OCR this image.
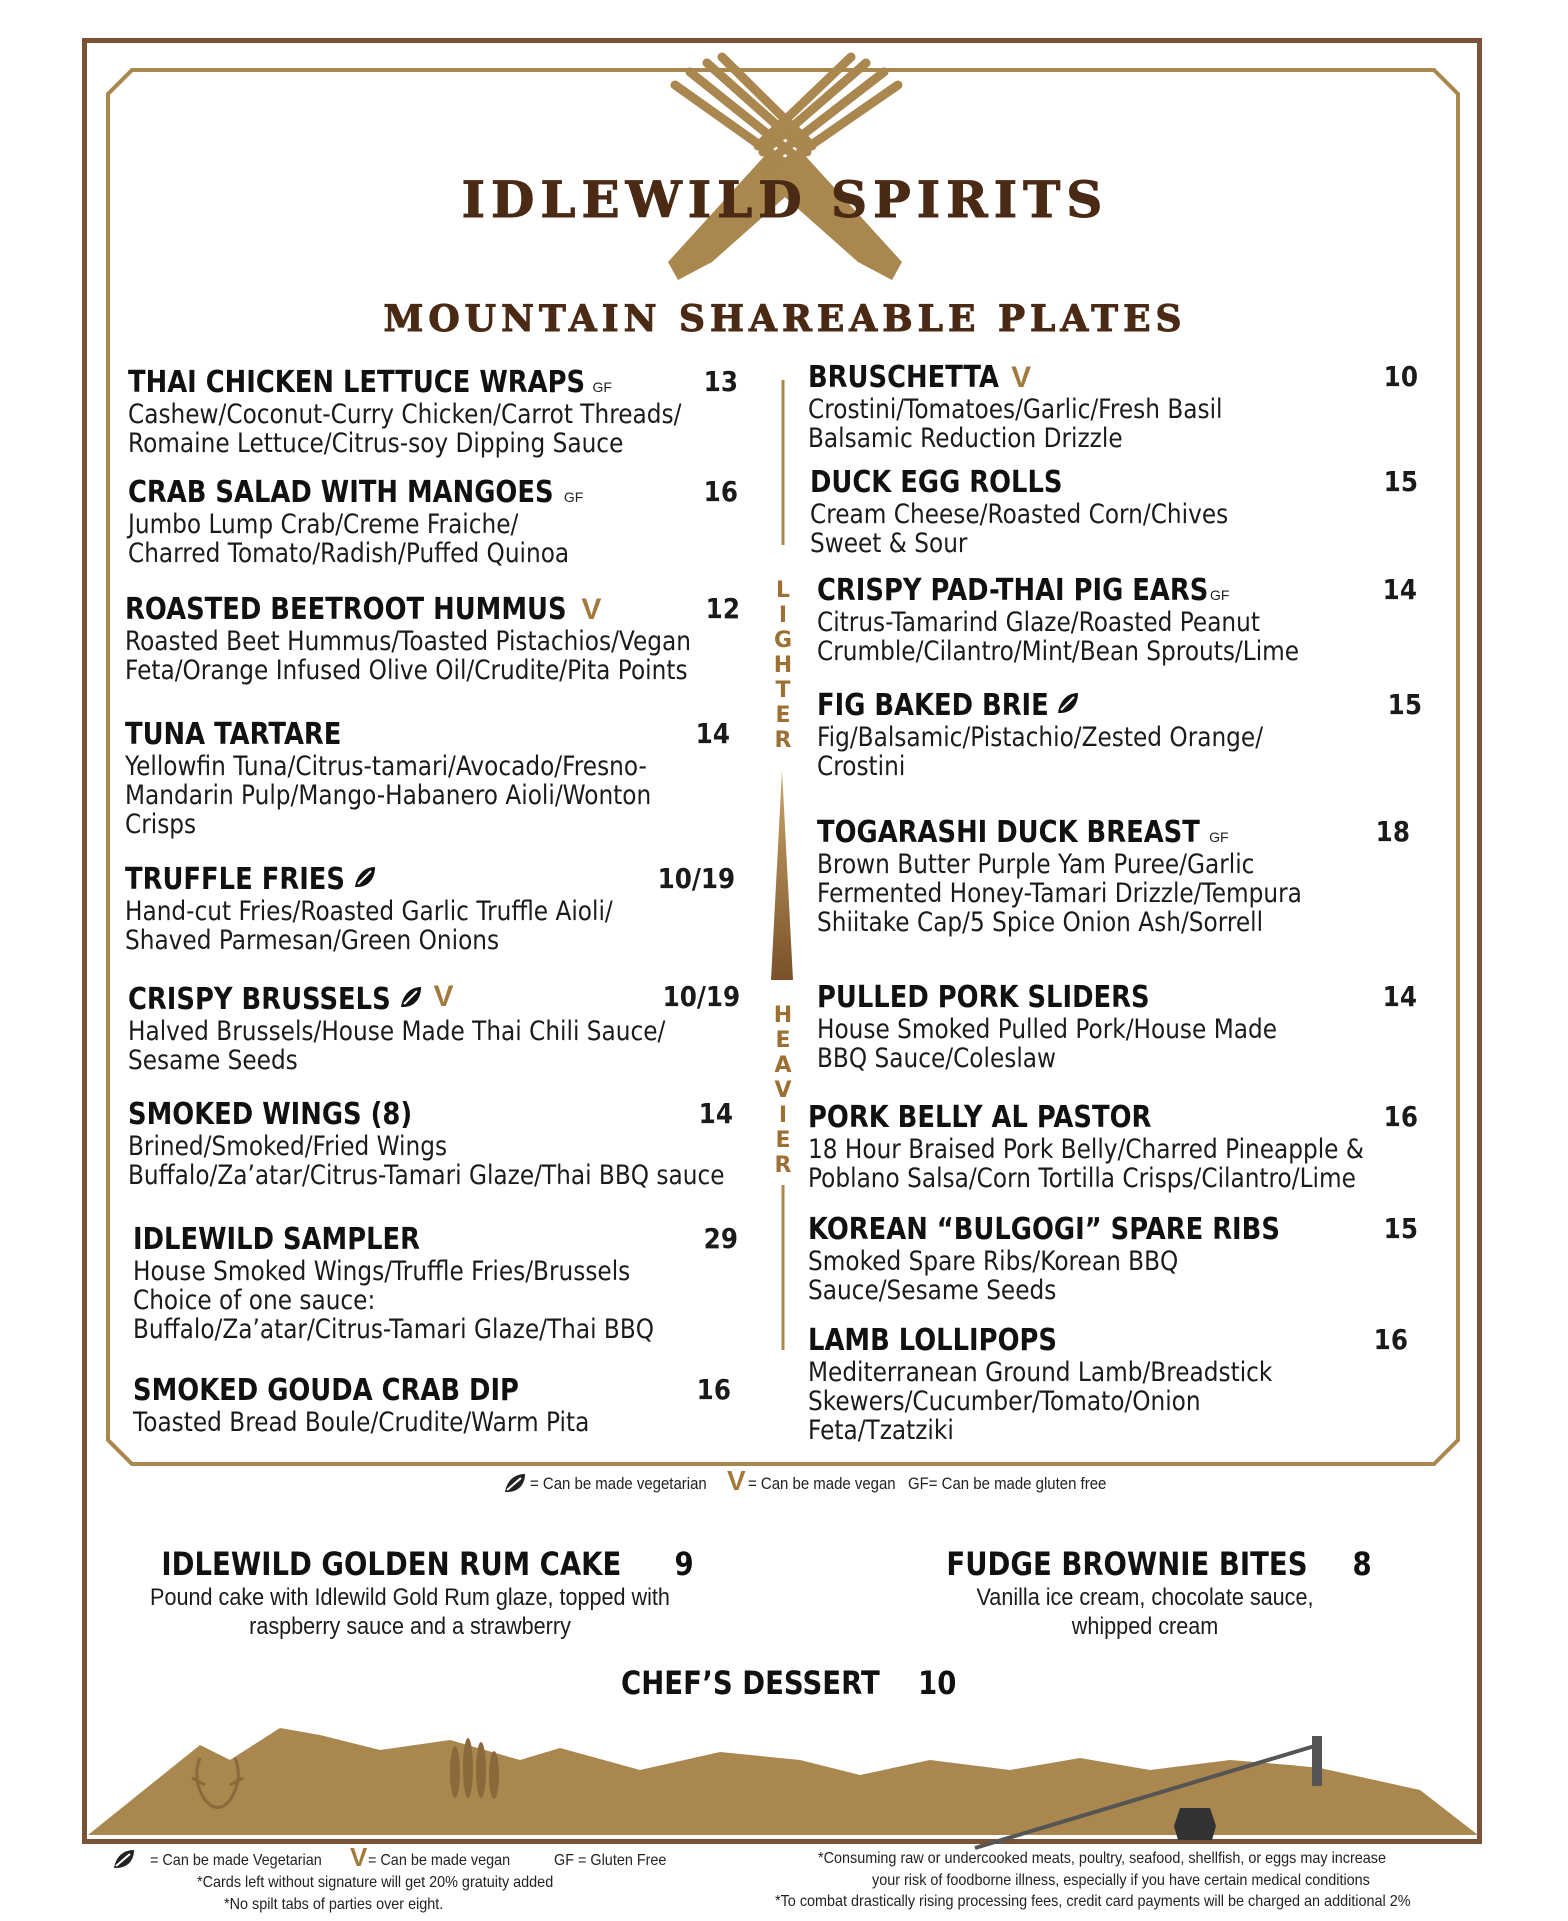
IDLEWILD SPIRITS
MOUNTAIN SHAREABLE PLATES
THAI CHICKEN LETTUCE WRAPS GF	13
Cashew/Coconut-Curry Chicken/Carrot Threads/
Romaine Lettuce/Citrus-soy Dipping Sauce
CRAB SALAD WITH MANGOES GF	16
Jumbo Lump Crab/Creme Fraiche/
Charred Tomato/Radish/Puffed Quinoa
ROASTED BEETROOT HUMMUS V	12
Roasted Beet Hummus/Toasted Pistachios/Vegan
Feta/Orange Infused Olive Oil/Crudite/Pita Points
TUNA TARTARE	14
Yellowfin Tuna/Citrus-tamari/Avocado/Fresno-
Mandarin Pulp/Mango-Habanero Aioli/Wonton
Crisps
TRUFFLE FRIES	10/19
Hand-cut Fries/Roasted Garlic Truffle Aioli/
Shaved Parmesan/Green Onions
CRISPY BRUSSELS V	10/19
Halved Brussels/House Made Thai Chili Sauce/
Sesame Seeds
SMOKED WINGS (8)	14
Brined/Smoked/Fried Wings
Buffalo/Za’atar/Citrus-Tamari Glaze/Thai BBQ sauce
IDLEWILD SAMPLER	29
House Smoked Wings/Truffle Fries/Brussels
Choice of one sauce:
Buffalo/Za’atar/Citrus-Tamari Glaze/Thai BBQ
SMOKED GOUDA CRAB DIP	16
Toasted Bread Boule/Crudite/Warm Pita
BRUSCHETTA V	10
Crostini/Tomatoes/Garlic/Fresh Basil
Balsamic Reduction Drizzle
DUCK EGG ROLLS	15
Cream Cheese/Roasted Corn/Chives
Sweet & Sour
CRISPY PAD-THAI PIG EARS GF	14
Citrus-Tamarind Glaze/Roasted Peanut
Crumble/Cilantro/Mint/Bean Sprouts/Lime
FIG BAKED BRIE	15
Fig/Balsamic/Pistachio/Zested Orange/
Crostini
TOGARASHI DUCK BREAST GF	18
Brown Butter Purple Yam Puree/Garlic
Fermented Honey-Tamari Drizzle/Tempura
Shiitake Cap/5 Spice Onion Ash/Sorrell
PULLED PORK SLIDERS	14
House Smoked Pulled Pork/House Made
BBQ Sauce/Coleslaw
PORK BELLY AL PASTOR	16
18 Hour Braised Pork Belly/Charred Pineapple &
Poblano Salsa/Corn Tortilla Crisps/Cilantro/Lime
KOREAN “BULGOGI” SPARE RIBS	15
Smoked Spare Ribs/Korean BBQ
Sauce/Sesame Seeds
LAMB LOLLIPOPS	16
Mediterranean Ground Lamb/Breadstick
Skewers/Cucumber/Tomato/Onion
Feta/Tzatziki
L
I
G
H
T
E
R
H
E
A
V
I
E
R
= Can be made vegetarian V = Can be made vegan GF= Can be made gluten free
IDLEWILD GOLDEN RUM CAKE 9
Pound cake with Idlewild Gold Rum glaze, topped with
raspberry sauce and a strawberry
FUDGE BROWNIE BITES 8
Vanilla ice cream, chocolate sauce,
whipped cream
CHEF’S DESSERT 10
= Can be made Vegetarian V = Can be made vegan	GF = Gluten Free
*Cards left without signature will get 20% gratuity added
*No spilt tabs of parties over eight.
*Consuming raw or undercooked meats, poultry, seafood, shellfish, or eggs may increase
your risk of foodborne illness, especially if you have certain medical conditions
*To combat drastically rising processing fees, credit card payments will be charged an additional 2%
